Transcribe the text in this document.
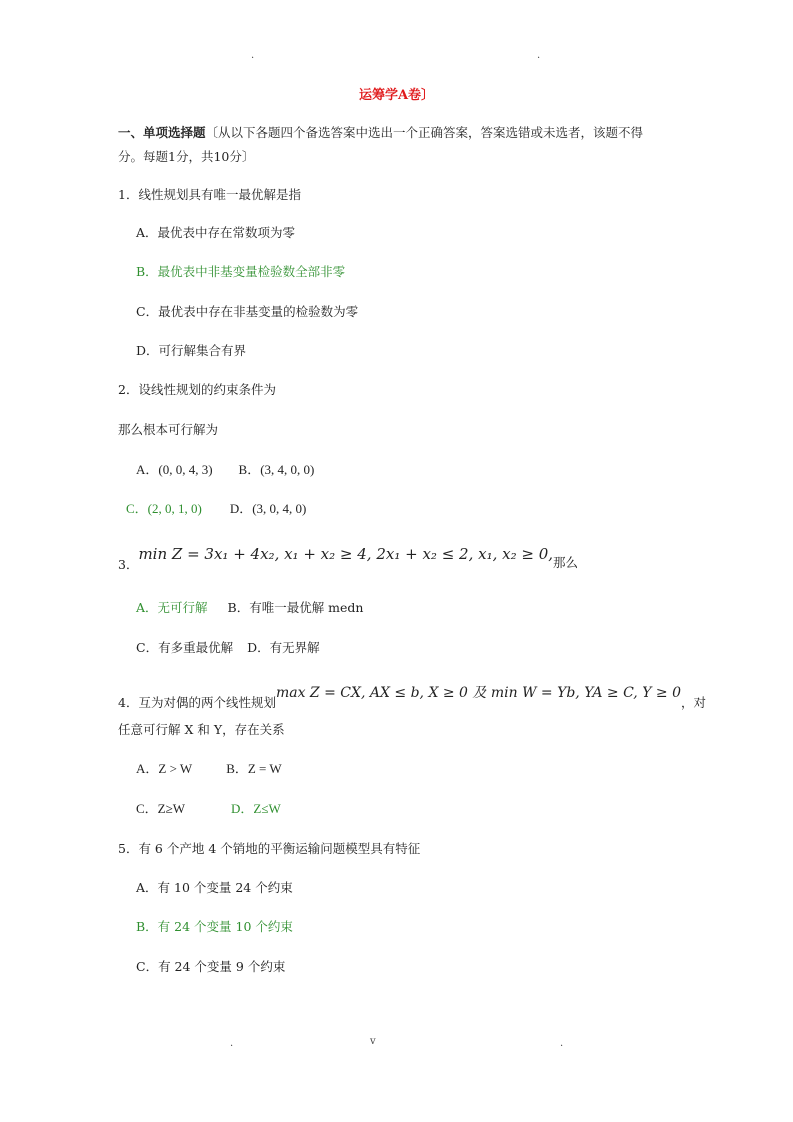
.	.
运筹学A卷〕
一、单项选择题〔从以下各题四个备选答案中选出一个正确答案，答案选错或未选者，该题不得
分。每题1分，共10分〕
1．线性规划具有唯一最优解是指
A．最优表中存在常数项为零
B．最优表中非基变量检验数全部非零
C．最优表中存在非基变量的检验数为零
D．可行解集合有界
2．设线性规划的约束条件为
那么根本可行解为
A．(0, 0, 4, 3) B．(3, 4, 0, 0)
C．(2, 0, 1, 0) D．(3, 0, 4, 0)
3．min Z = 3x₁ + 4x₂, x₁ + x₂ ≥ 4, 2x₁ + x₂ ≤ 2, x₁, x₂ ≥ 0,那么
A．无可行解 B．有唯一最优解 medn
C．有多重最优解 D．有无界解
4．互为对偶的两个线性规划max Z = CX, AX ≤ b, X ≥ 0 及 min W = Yb, YA ≥ C, Y ≥ 0，对
任意可行解 X 和 Y，存在关系
A．Z > W	B．Z = W
C．Z≥W	D．Z≤W
5．有 6 个产地 4 个销地的平衡运输问题模型具有特征
A．有 10 个变量 24 个约束
B．有 24 个变量 10 个约束
C．有 24 个变量 9 个约束
.	v	.
